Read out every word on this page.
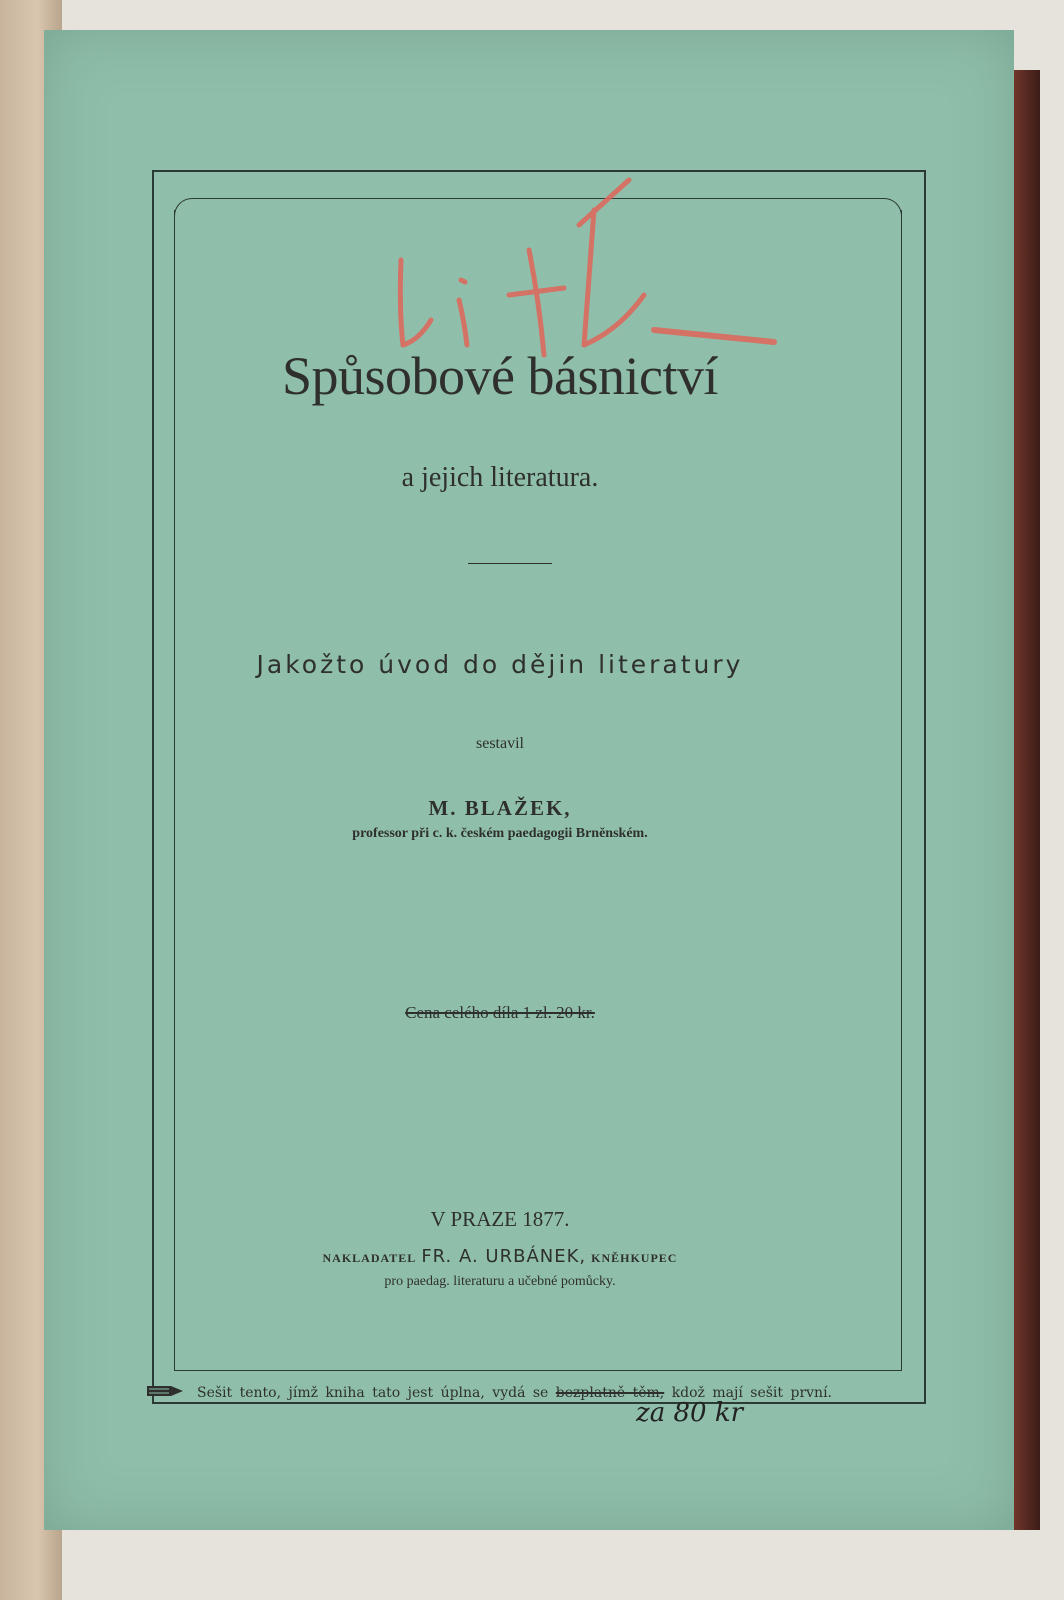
Spůsobové básnictví
a jejich literatura.
Jakožto úvod do dějin literatury
sestavil
M. BLAŽEK,
professor při c. k. českém paedagogii Brněnském.
Cena celého díla 1 zl. 20 kr.
V PRAZE 1877.
NAKLADATEL FR. A. URBÁNEK, KNĚHKUPEC
pro paedag. literaturu a učebné pomůcky.
Sešit tento, jímž kniha tato jest úplna, vydá se bezplatně těm, kdož mají sešit první.
za 80 kr
